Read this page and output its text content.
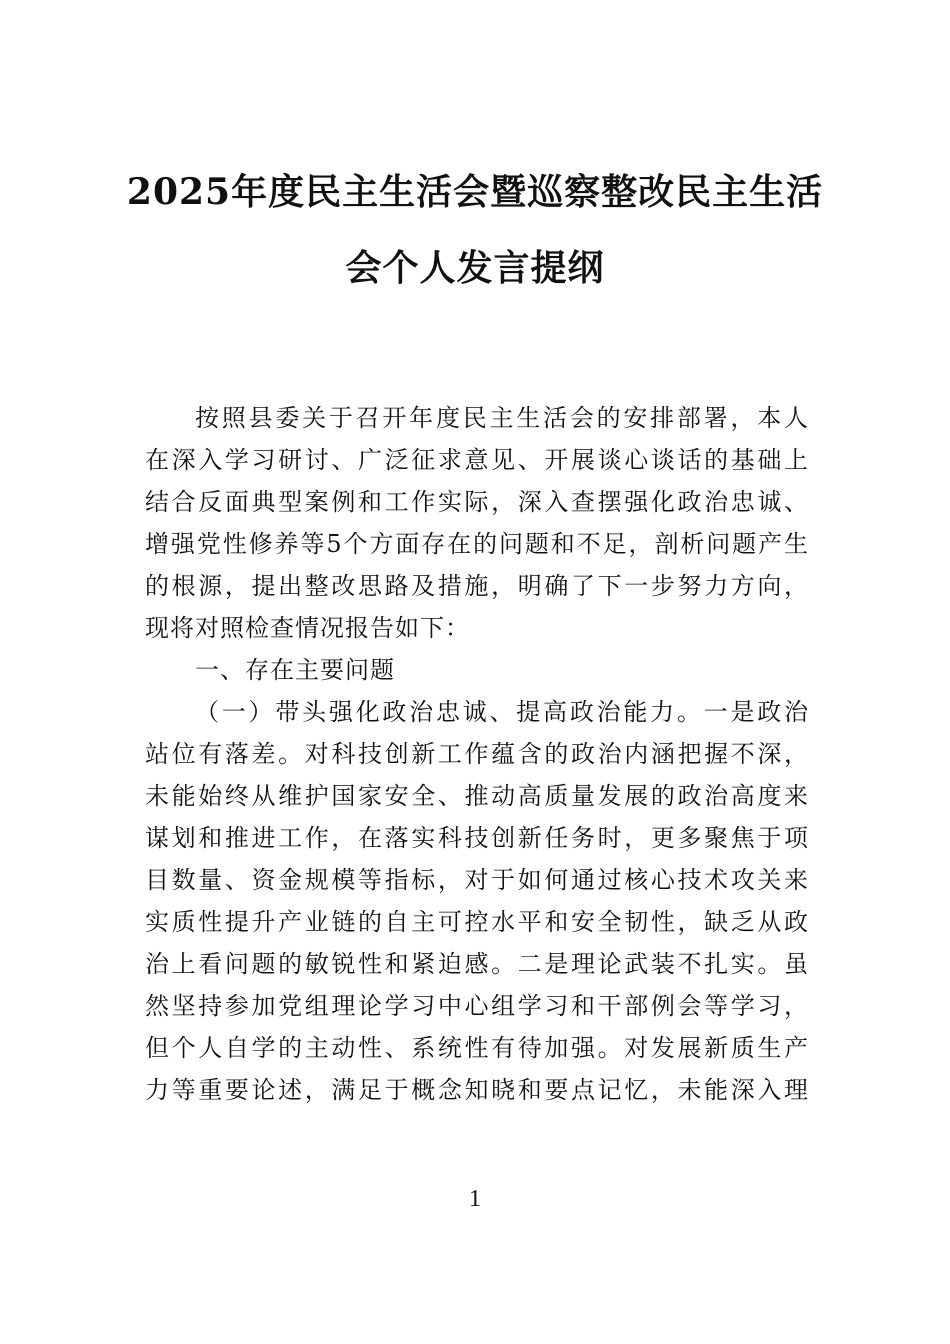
2025年度民主生活会暨巡察整改民主生活
会个人发言提纲
按照县委关于召开年度民主生活会的安排部署，本人
在深入学习研讨、广泛征求意见、开展谈心谈话的基础上
结合反面典型案例和工作实际，深入查摆强化政治忠诚、
增强党性修养等5个方面存在的问题和不足，剖析问题产生
的根源，提出整改思路及措施，明确了下一步努力方向，
现将对照检查情况报告如下：
一、存在主要问题
（一）带头强化政治忠诚、提高政治能力。一是政治
站位有落差。对科技创新工作蕴含的政治内涵把握不深，
未能始终从维护国家安全、推动高质量发展的政治高度来
谋划和推进工作，在落实科技创新任务时，更多聚焦于项
目数量、资金规模等指标，对于如何通过核心技术攻关来
实质性提升产业链的自主可控水平和安全韧性，缺乏从政
治上看问题的敏锐性和紧迫感。二是理论武装不扎实。虽
然坚持参加党组理论学习中心组学习和干部例会等学习，
但个人自学的主动性、系统性有待加强。对发展新质生产
力等重要论述，满足于概念知晓和要点记忆，未能深入理
1
